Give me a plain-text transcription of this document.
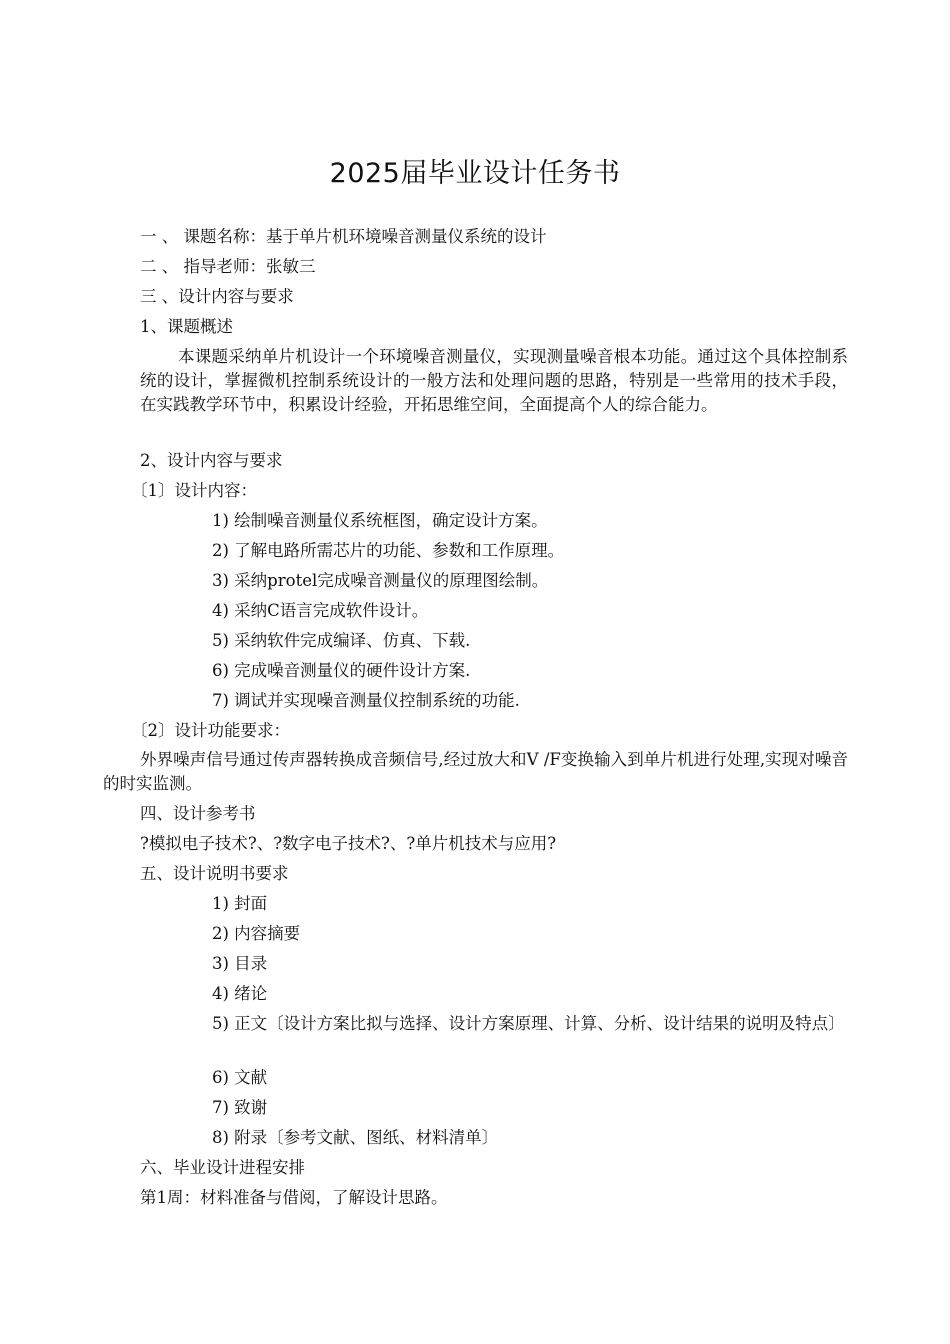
2025届毕业设计任务书
一 、 课题名称：基于单片机环境噪音测量仪系统的设计
二 、 指导老师：张敏三
三 、设计内容与要求
1、课题概述
本课题采纳单片机设计一个环境噪音测量仪，实现测量噪音根本功能。通过这个具体控制系统的设计，掌握微机控制系统设计的一般方法和处理问题的思路，特别是一些常用的技术手段，在实践教学环节中，积累设计经验，开拓思维空间，全面提高个人的综合能力。
2、设计内容与要求
〔1〕设计内容：
1) 绘制噪音测量仪系统框图，确定设计方案。
2) 了解电路所需芯片的功能、参数和工作原理。
3) 采纳protel完成噪音测量仪的原理图绘制。
4) 采纳C语言完成软件设计。
5) 采纳软件完成编译、仿真、下载.
6) 完成噪音测量仪的硬件设计方案.
7) 调试并实现噪音测量仪控制系统的功能.
〔2〕设计功能要求：
外界噪声信号通过传声器转换成音频信号,经过放大和V /F变换输入到单片机进行处理,实现对噪音的时实监测。
四、设计参考书
?模拟电子技术?、?数字电子技术?、?单片机技术与应用?
五、设计说明书要求
1) 封面
2) 内容摘要
3) 目录
4) 绪论
5) 正文〔设计方案比拟与选择、设计方案原理、计算、分析、设计结果的说明及特点〕
6) 文献
7) 致谢
8) 附录〔参考文献、图纸、材料清单〕
六、毕业设计进程安排
第1周：材料准备与借阅，了解设计思路。
